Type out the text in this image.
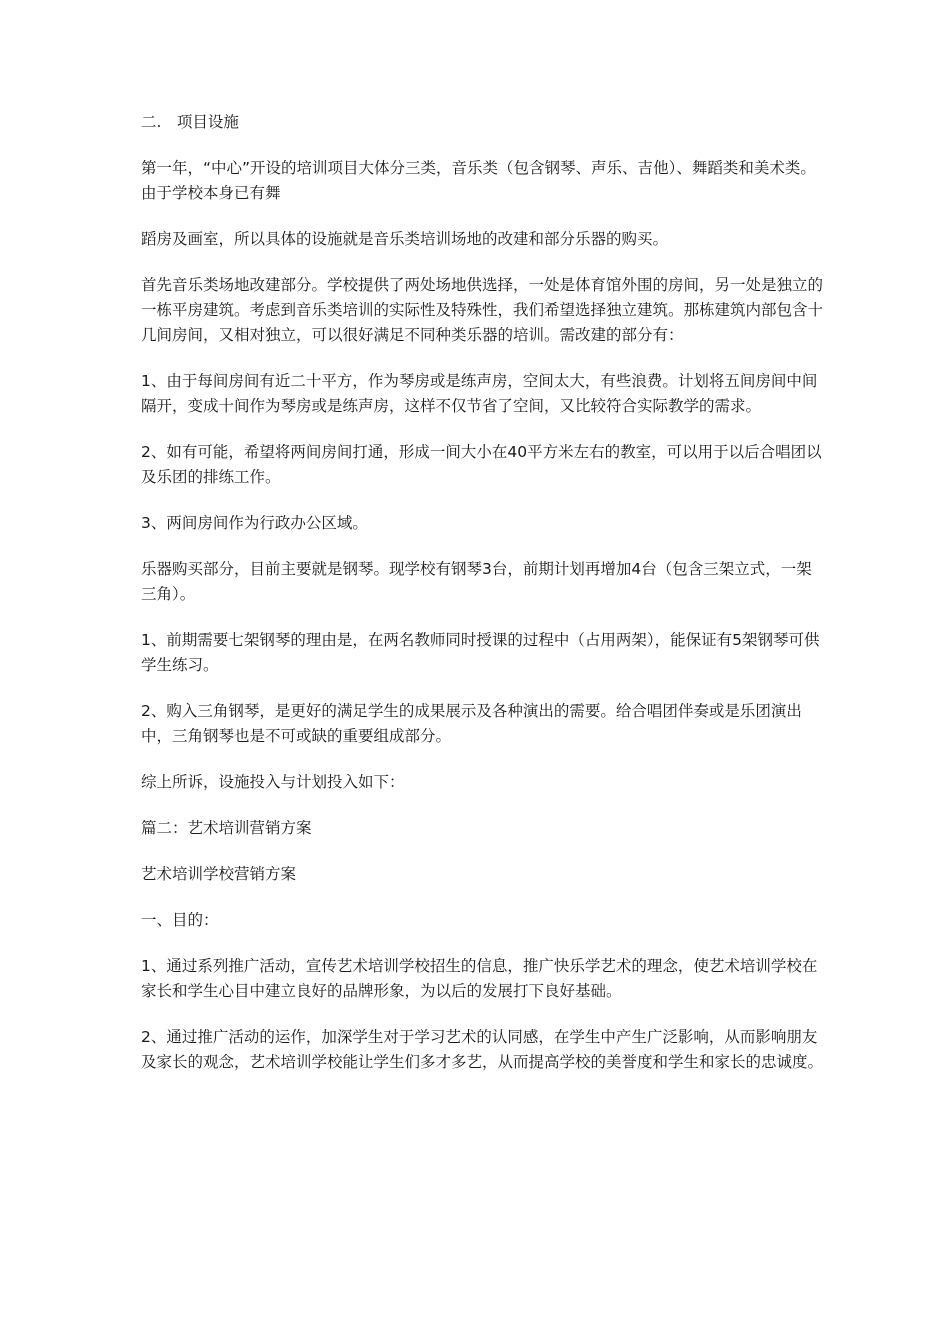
二.　项目设施

第一年，“中心”开设的培训项目大体分三类，音乐类（包含钢琴、声乐、吉他）、舞蹈类和美术类。由于学校本身已有舞

蹈房及画室，所以具体的设施就是音乐类培训场地的改建和部分乐器的购买。

首先音乐类场地改建部分。学校提供了两处场地供选择，一处是体育馆外围的房间，另一处是独立的一栋平房建筑。考虑到音乐类培训的实际性及特殊性，我们希望选择独立建筑。那栋建筑内部包含十几间房间，又相对独立，可以很好满足不同种类乐器的培训。需改建的部分有：

1、由于每间房间有近二十平方，作为琴房或是练声房，空间太大，有些浪费。计划将五间房间中间隔开，变成十间作为琴房或是练声房，这样不仅节省了空间，又比较符合实际教学的需求。

2、如有可能，希望将两间房间打通，形成一间大小在40平方米左右的教室，可以用于以后合唱团以及乐团的排练工作。

3、两间房间作为行政办公区域。

乐器购买部分，目前主要就是钢琴。现学校有钢琴3台，前期计划再增加4台（包含三架立式，一架三角）。

1、前期需要七架钢琴的理由是，在两名教师同时授课的过程中（占用两架），能保证有5架钢琴可供学生练习。

2、购入三角钢琴，是更好的满足学生的成果展示及各种演出的需要。给合唱团伴奏或是乐团演出中，三角钢琴也是不可或缺的重要组成部分。

综上所诉，设施投入与计划投入如下：

篇二：艺术培训营销方案

艺术培训学校营销方案

一、目的：

1、通过系列推广活动，宣传艺术培训学校招生的信息，推广快乐学艺术的理念，使艺术培训学校在家长和学生心目中建立良好的品牌形象，为以后的发展打下良好基础。

2、通过推广活动的运作，加深学生对于学习艺术的认同感，在学生中产生广泛影响，从而影响朋友及家长的观念，艺术培训学校能让学生们多才多艺，从而提高学校的美誉度和学生和家长的忠诚度。
